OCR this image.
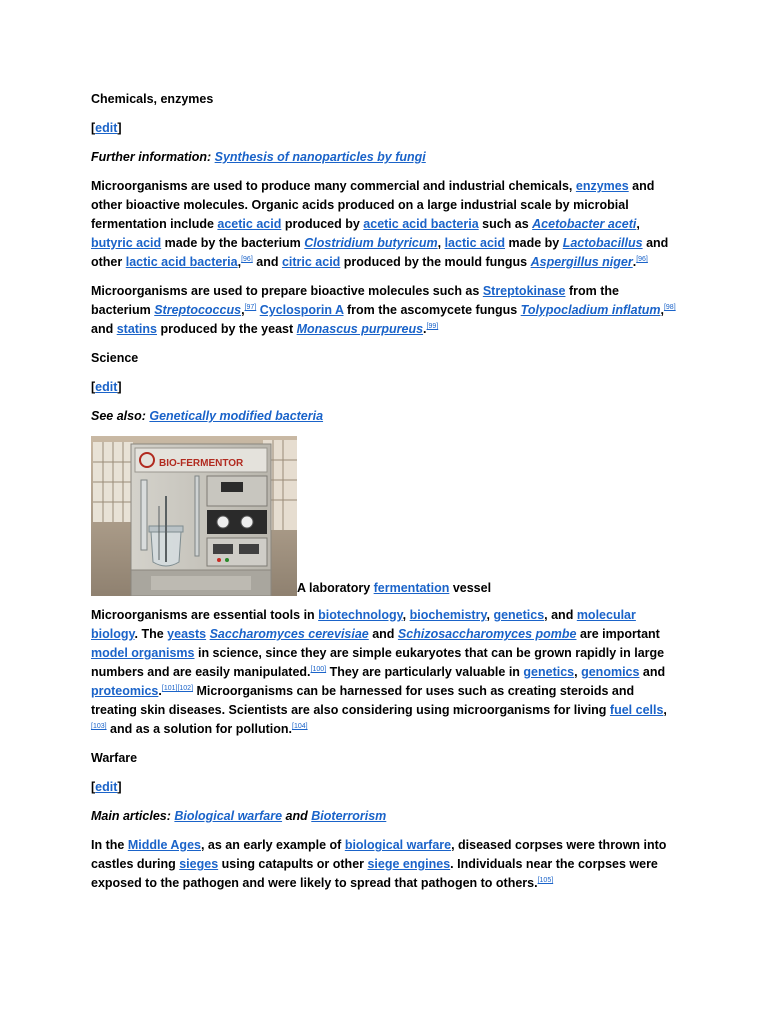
Chemicals, enzymes
[edit]
Further information: Synthesis of nanoparticles by fungi

Microorganisms are used to produce many commercial and industrial chemicals, enzymes and other bioactive molecules. Organic acids produced on a large industrial scale by microbial fermentation include acetic acid produced by acetic acid bacteria such as Acetobacter aceti, butyric acid made by the bacterium Clostridium butyricum, lactic acid made by Lactobacillus and other lactic acid bacteria,[96] and citric acid produced by the mould fungus Aspergillus niger.[96]

Microorganisms are used to prepare bioactive molecules such as Streptokinase from the bacterium Streptococcus,[97] Cyclosporin A from the ascomycete fungus Tolypocladium inflatum,[98] and statins produced by the yeast Monascus purpureus.[99]

Science
[edit]
See also: Genetically modified bacteria
BIO-FERMENTOR
A laboratory fermentation vessel

Microorganisms are essential tools in biotechnology, biochemistry, genetics, and molecular biology. The yeasts Saccharomyces cerevisiae and Schizosaccharomyces pombe are important model organisms in science, since they are simple eukaryotes that can be grown rapidly in large numbers and are easily manipulated.[100] They are particularly valuable in genetics, genomics and proteomics.[101][102] Microorganisms can be harnessed for uses such as creating steroids and treating skin diseases. Scientists are also considering using microorganisms for living fuel cells,[103] and as a solution for pollution.[104]

Warfare
[edit]
Main articles: Biological warfare and Bioterrorism

In the Middle Ages, as an early example of biological warfare, diseased corpses were thrown into castles during sieges using catapults or other siege engines. Individuals near the corpses were exposed to the pathogen and were likely to spread that pathogen to others.[105]
